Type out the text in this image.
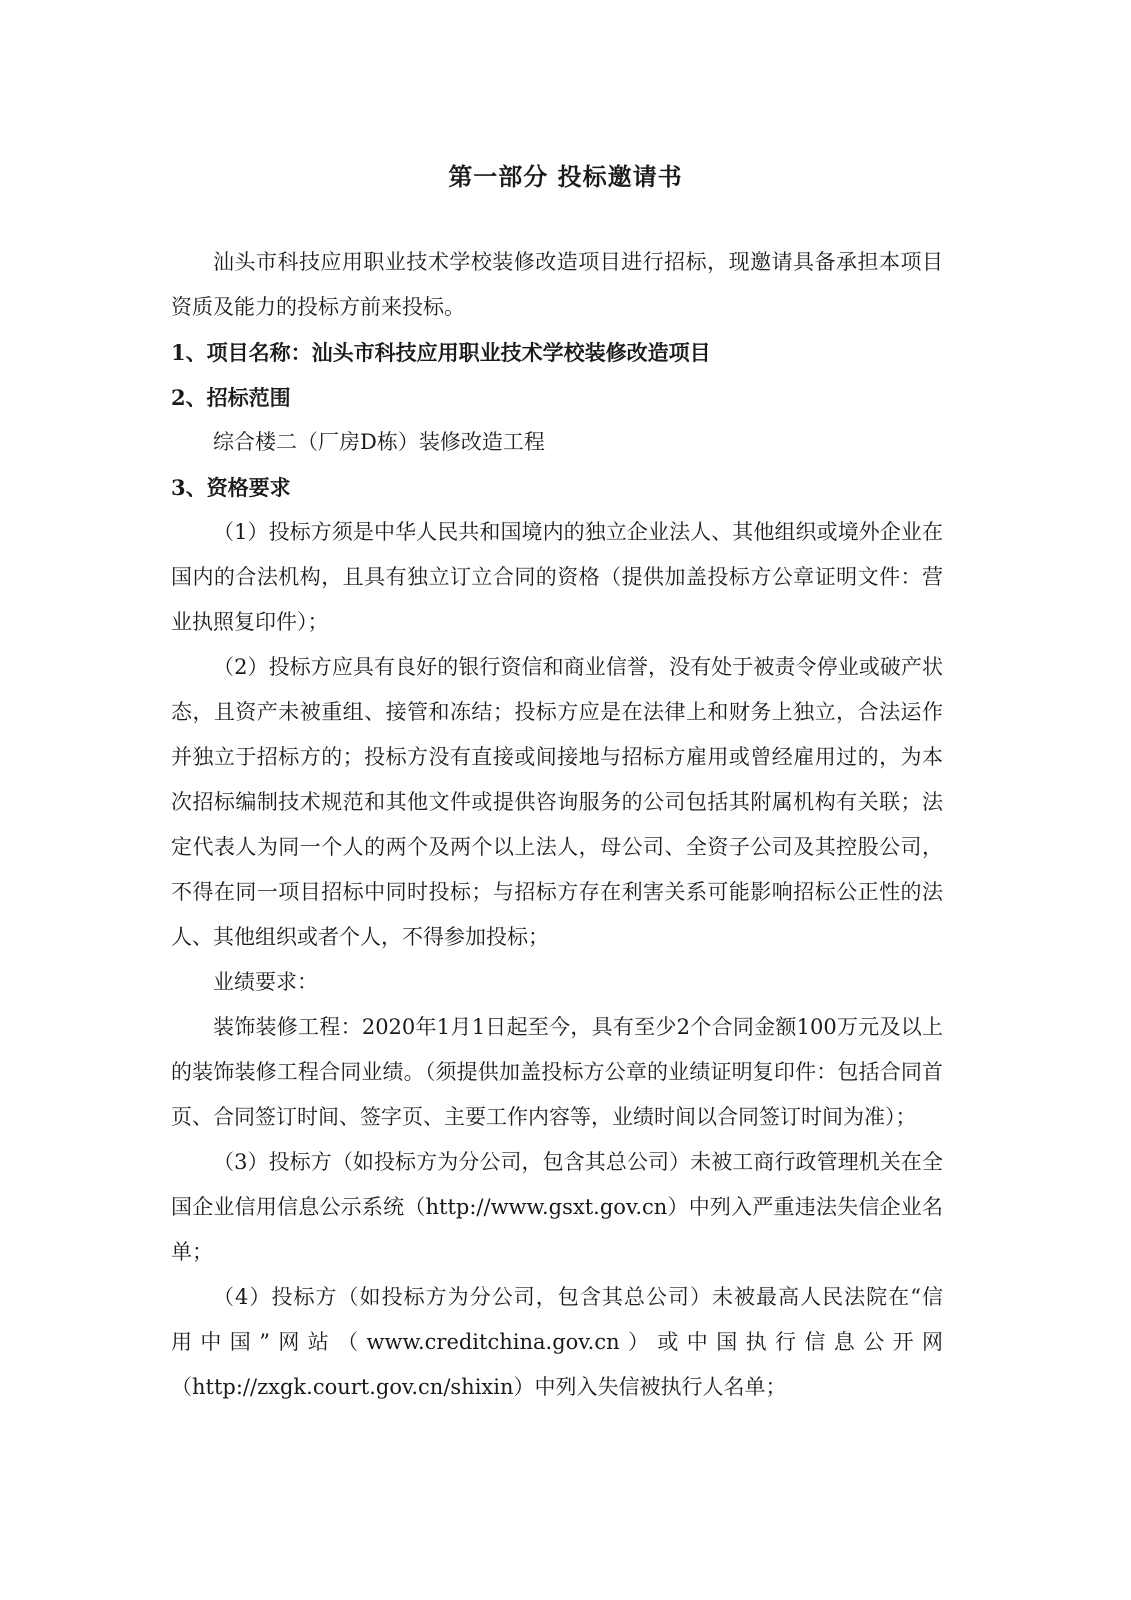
第一部分 投标邀请书

汕头市科技应用职业技术学校装修改造项目进行招标，现邀请具备承担本项目资质及能力的投标方前来投标。

1、项目名称：汕头市科技应用职业技术学校装修改造项目

2、招标范围

综合楼二（厂房D栋）装修改造工程

3、资格要求

（1）投标方须是中华人民共和国境内的独立企业法人、其他组织或境外企业在国内的合法机构，且具有独立订立合同的资格（提供加盖投标方公章证明文件：营业执照复印件）；

（2）投标方应具有良好的银行资信和商业信誉，没有处于被责令停业或破产状态，且资产未被重组、接管和冻结；投标方应是在法律上和财务上独立，合法运作并独立于招标方的；投标方没有直接或间接地与招标方雇用或曾经雇用过的，为本次招标编制技术规范和其他文件或提供咨询服务的公司包括其附属机构有关联；法定代表人为同一个人的两个及两个以上法人，母公司、全资子公司及其控股公司，不得在同一项目招标中同时投标；与招标方存在利害关系可能影响招标公正性的法人、其他组织或者个人，不得参加投标；

业绩要求：

装饰装修工程：2020年1月1日起至今，具有至少2个合同金额100万元及以上的装饰装修工程合同业绩。（须提供加盖投标方公章的业绩证明复印件：包括合同首页、合同签订时间、签字页、主要工作内容等，业绩时间以合同签订时间为准）；

（3）投标方（如投标方为分公司，包含其总公司）未被工商行政管理机关在全国企业信用信息公示系统（http://www.gsxt.gov.cn）中列入严重违法失信企业名单；

（4）投标方（如投标方为分公司，包含其总公司）未被最高人民法院在“信

用中国”网站（www.creditchina.gov.cn）或中国执行信息公开网

（http://zxgk.court.gov.cn/shixin）中列入失信被执行人名单；
